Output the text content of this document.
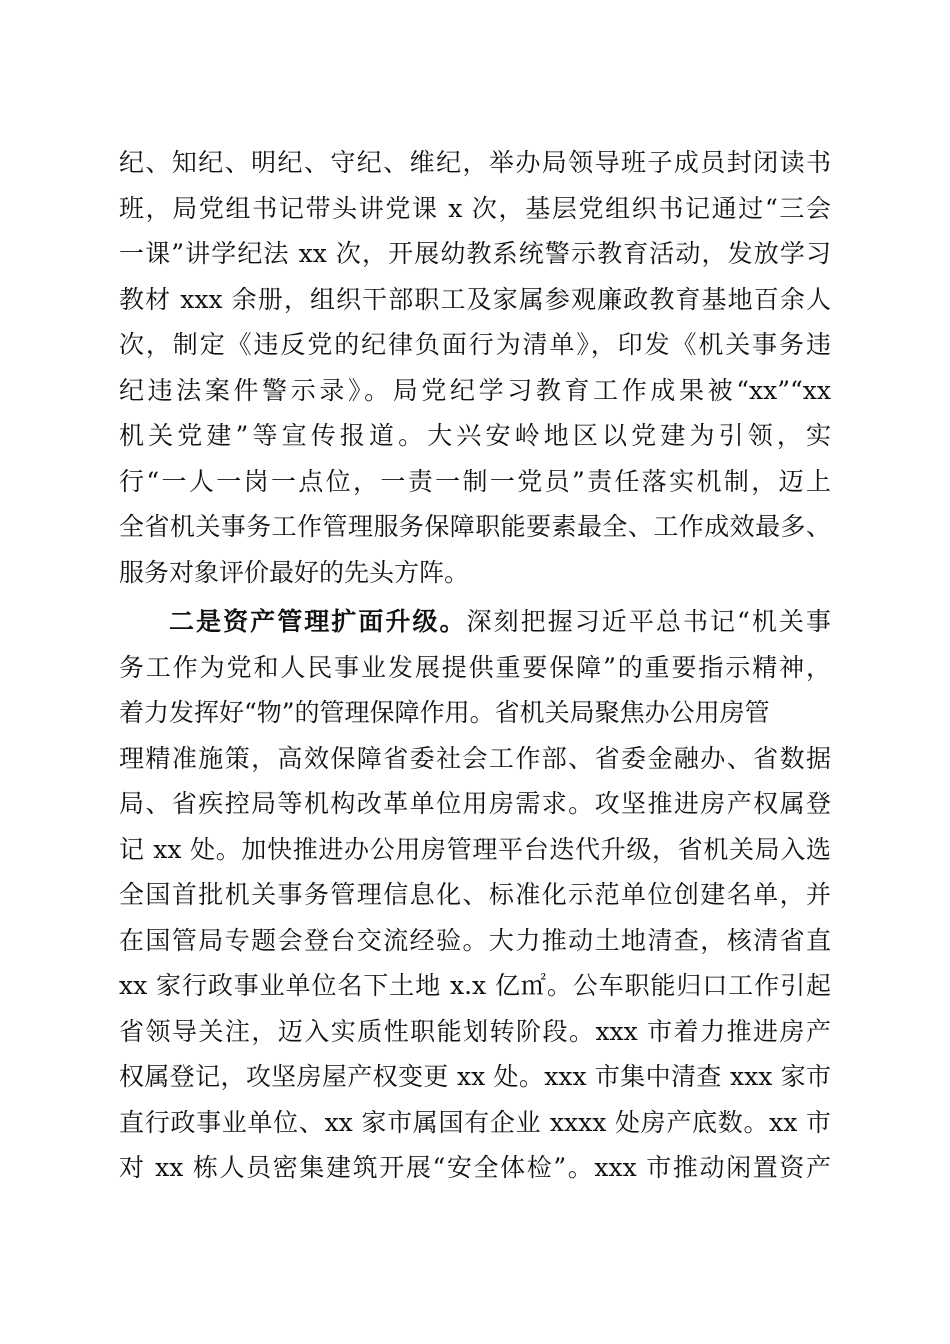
纪、知纪、明纪、守纪、维纪，举办局领导班子成员封闭读书
班，局党组书记带头讲党课 x 次，基层党组织书记通过“三会
一课”讲学纪法 xx 次，开展幼教系统警示教育活动，发放学习
教材 xxx 余册，组织干部职工及家属参观廉政教育基地百余人
次，制定《违反党的纪律负面行为清单》，印发《机关事务违
纪违法案件警示录》。局党纪学习教育工作成果被“xx”“xx
机关党建”等宣传报道。大兴安岭地区以党建为引领，实
行“一人一岗一点位，一责一制一党员”责任落实机制，迈上
全省机关事务工作管理服务保障职能要素最全、工作成效最多、
服务对象评价最好的先头方阵。
二是资产管理扩面升级。深刻把握习近平总书记“机关事
务工作为党和人民事业发展提供重要保障”的重要指示精神，
着力发挥好“物”的管理保障作用。省机关局聚焦办公用房管
理精准施策，高效保障省委社会工作部、省委金融办、省数据
局、省疾控局等机构改革单位用房需求。攻坚推进房产权属登
记 xx 处。加快推进办公用房管理平台迭代升级，省机关局入选
全国首批机关事务管理信息化、标准化示范单位创建名单，并
在国管局专题会登台交流经验。大力推动土地清查，核清省直
xx 家行政事业单位名下土地 x.x 亿㎡。公车职能归口工作引起
省领导关注，迈入实质性职能划转阶段。xxx 市着力推进房产
权属登记，攻坚房屋产权变更 xx 处。xxx 市集中清查 xxx 家市
直行政事业单位、xx 家市属国有企业 xxxx 处房产底数。xx 市
对 xx 栋人员密集建筑开展“安全体检”。xxx 市推动闲置资产
